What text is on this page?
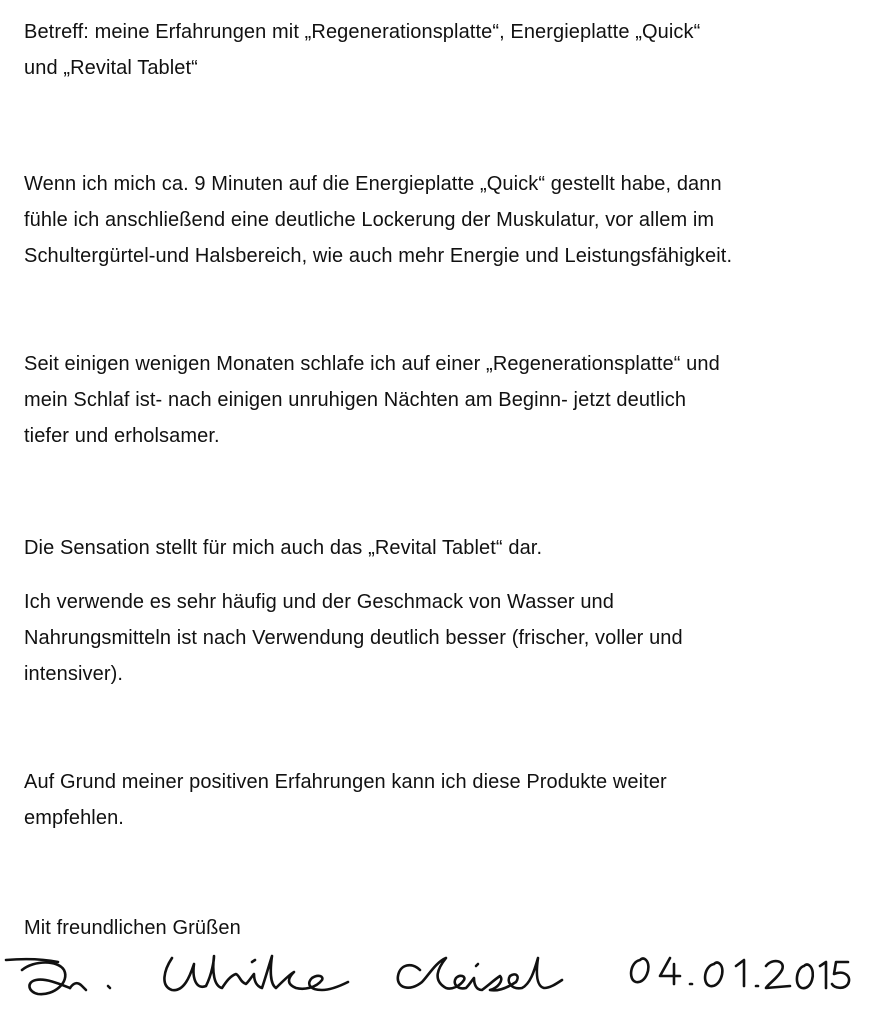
Betreff: meine Erfahrungen mit „Regenerationsplatte“, Energieplatte „Quick“
und „Revital Tablet“

Wenn ich mich ca. 9 Minuten auf die Energieplatte „Quick“ gestellt habe, dann
fühle ich anschließend eine deutliche Lockerung der Muskulatur, vor allem im
Schultergürtel-und Halsbereich, wie auch mehr Energie und Leistungsfähigkeit.

Seit einigen wenigen Monaten schlafe ich auf einer „Regenerationsplatte“ und
mein Schlaf ist- nach einigen unruhigen Nächten am Beginn- jetzt deutlich
tiefer und erholsamer.

Die Sensation stellt für mich auch das „Revital Tablet“ dar.

Ich verwende es sehr häufig und der Geschmack von Wasser und
Nahrungsmitteln ist nach Verwendung deutlich besser (frischer, voller und
intensiver).

Auf Grund meiner positiven Erfahrungen kann ich diese Produkte weiter
empfehlen.

Mit freundlichen Grüßen
